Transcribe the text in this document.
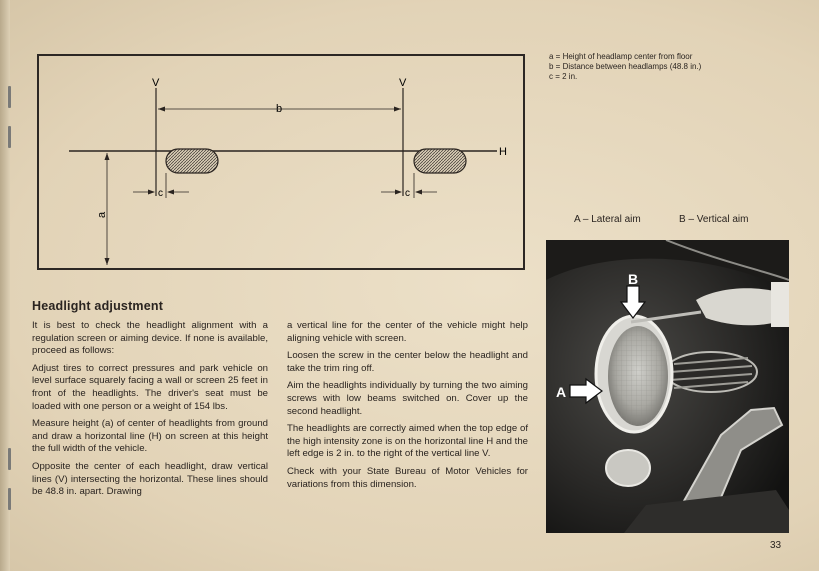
V	V
b
H
a
c	c
a = Height of headlamp center from floor
b = Distance between headlamps (48.8 in.)
c = 2 in.
A – Lateral aim	B – Vertical aim
B
A
Headlight adjustment

It is best to check the headlight alignment with a regulation screen or aiming device. If none is available, proceed as follows:

Adjust tires to correct pressures and park vehicle on level surface squarely facing a wall or screen 25 feet in front of the headlights. The driver's seat must be loaded with one person or a weight of 154 lbs.

Measure height (a) of center of headlights from ground and draw a horizontal line (H) on screen at this height the full width of the vehicle.

Opposite the center of each headlight, draw vertical lines (V) intersecting the horizontal. These lines should be 48.8 in. apart. Drawing

a vertical line for the center of the vehicle might help aligning vehicle with screen.

Loosen the screw in the center below the headlight and take the trim ring off.

Aim the headlights individually by turning the two aiming screws with low beams switched on. Cover up the second headlight.

The headlights are correctly aimed when the top edge of the high intensity zone is on the horizontal line H and the left edge is 2 in. to the right of the vertical line V.

Check with your State Bureau of Motor Vehicles for variations from this dimension.

33
